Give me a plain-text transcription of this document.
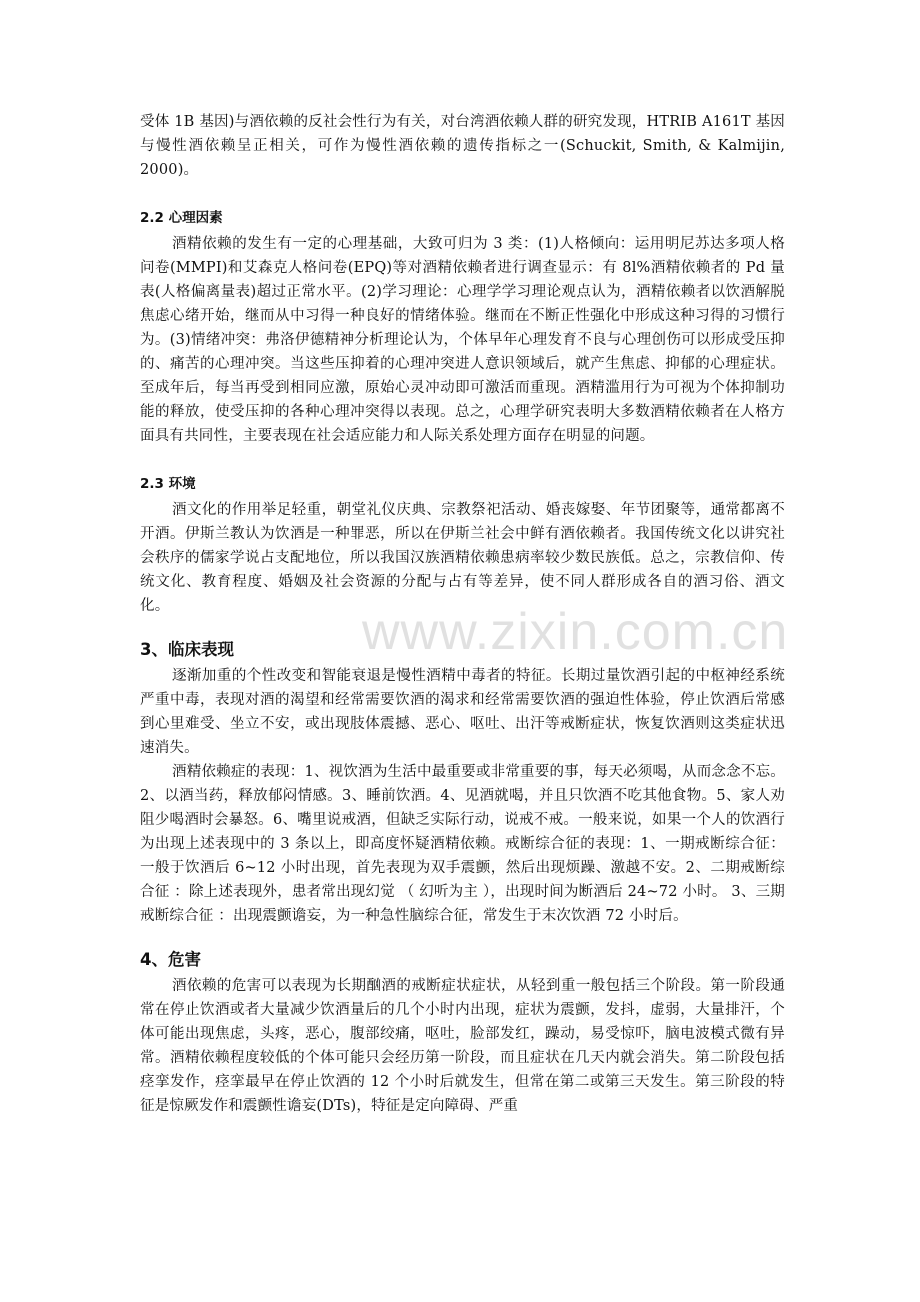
受体 1B 基因)与酒依赖的反社会性行为有关，对台湾酒依赖人群的研究发现，HTRIB A161T 基因与慢性酒依赖呈正相关，可作为慢性酒依赖的遗传指标之一(Schuckit, Smith, & Kalmijin, 2000)。

2.2 心理因素

酒精依赖的发生有一定的心理基础，大致可归为 3 类：(1)人格倾向：运用明尼苏达多项人格问卷(MMPI)和艾森克人格问卷(EPQ)等对酒精依赖者进行调查显示：有 8l%酒精依赖者的 Pd 量表(人格偏离量表)超过正常水平。(2)学习理论：心理学学习理论观点认为，酒精依赖者以饮酒解脱焦虑心绪开始，继而从中习得一种良好的情绪体验。继而在不断正性强化中形成这种习得的习惯行为。(3)情绪冲突：弗洛伊德精神分析理论认为，个体早年心理发育不良与心理创伤可以形成受压抑的、痛苦的心理冲突。当这些压抑着的心理冲突进人意识领域后，就产生焦虑、抑郁的心理症状。至成年后，每当再受到相同应激，原始心灵冲动即可激活而重现。酒精滥用行为可视为个体抑制功能的释放，使受压抑的各种心理冲突得以表现。总之，心理学研究表明大多数酒精依赖者在人格方面具有共同性，主要表现在社会适应能力和人际关系处理方面存在明显的问题。

2.3 环境

酒文化的作用举足轻重，朝堂礼仪庆典、宗教祭祀活动、婚丧嫁娶、年节团聚等，通常都离不开酒。伊斯兰教认为饮酒是一种罪恶，所以在伊斯兰社会中鲜有酒依赖者。我国传统文化以讲究社会秩序的儒家学说占支配地位，所以我国汉族酒精依赖患病率较少数民族低。总之，宗教信仰、传统文化、教育程度、婚姻及社会资源的分配与占有等差异，使不同人群形成各自的酒习俗、酒文化。

3、临床表现

逐渐加重的个性改变和智能衰退是慢性酒精中毒者的特征。长期过量饮酒引起的中枢神经系统严重中毒，表现对酒的渴望和经常需要饮酒的渴求和经常需要饮酒的强迫性体验，停止饮酒后常感到心里难受、坐立不安，或出现肢体震撼、恶心、呕吐、出汗等戒断症状，恢复饮酒则这类症状迅速消失。

酒精依赖症的表现：1、视饮酒为生活中最重要或非常重要的事，每天必须喝，从而念念不忘。2、以酒当药，释放郁闷情感。3、睡前饮酒。4、见酒就喝，并且只饮酒不吃其他食物。5、家人劝阻少喝酒时会暴怒。6、嘴里说戒酒，但缺乏实际行动，说戒不戒。一般来说，如果一个人的饮酒行为出现上述表现中的 3 条以上，即高度怀疑酒精依赖。戒断综合征的表现：1、一期戒断综合征：一般于饮酒后 6~12 小时出现，首先表现为双手震颤，然后出现烦躁、激越不安。2、二期戒断综合征 ：除上述表现外，患者常出现幻觉 （ 幻听为主 ），出现时间为断酒后 24~72 小时。 3、三期戒断综合征 ：出现震颤谵妄，为一种急性脑综合征，常发生于末次饮酒 72 小时后。

4、危害

酒依赖的危害可以表现为长期酗酒的戒断症状症状，从轻到重一般包括三个阶段。第一阶段通常在停止饮酒或者大量减少饮酒量后的几个小时内出现，症状为震颤，发抖，虚弱，大量排汗，个体可能出现焦虑，头疼，恶心，腹部绞痛，呕吐，脸部发红，躁动，易受惊吓，脑电波模式微有异常。酒精依赖程度较低的个体可能只会经历第一阶段，而且症状在几天内就会消失。第二阶段包括痉挛发作，痉挛最早在停止饮酒的 12 个小时后就发生，但常在第二或第三天发生。第三阶段的特征是惊厥发作和震颤性谵妄(DTs)，特征是定向障碍、严重

www.zixin.com.cn
